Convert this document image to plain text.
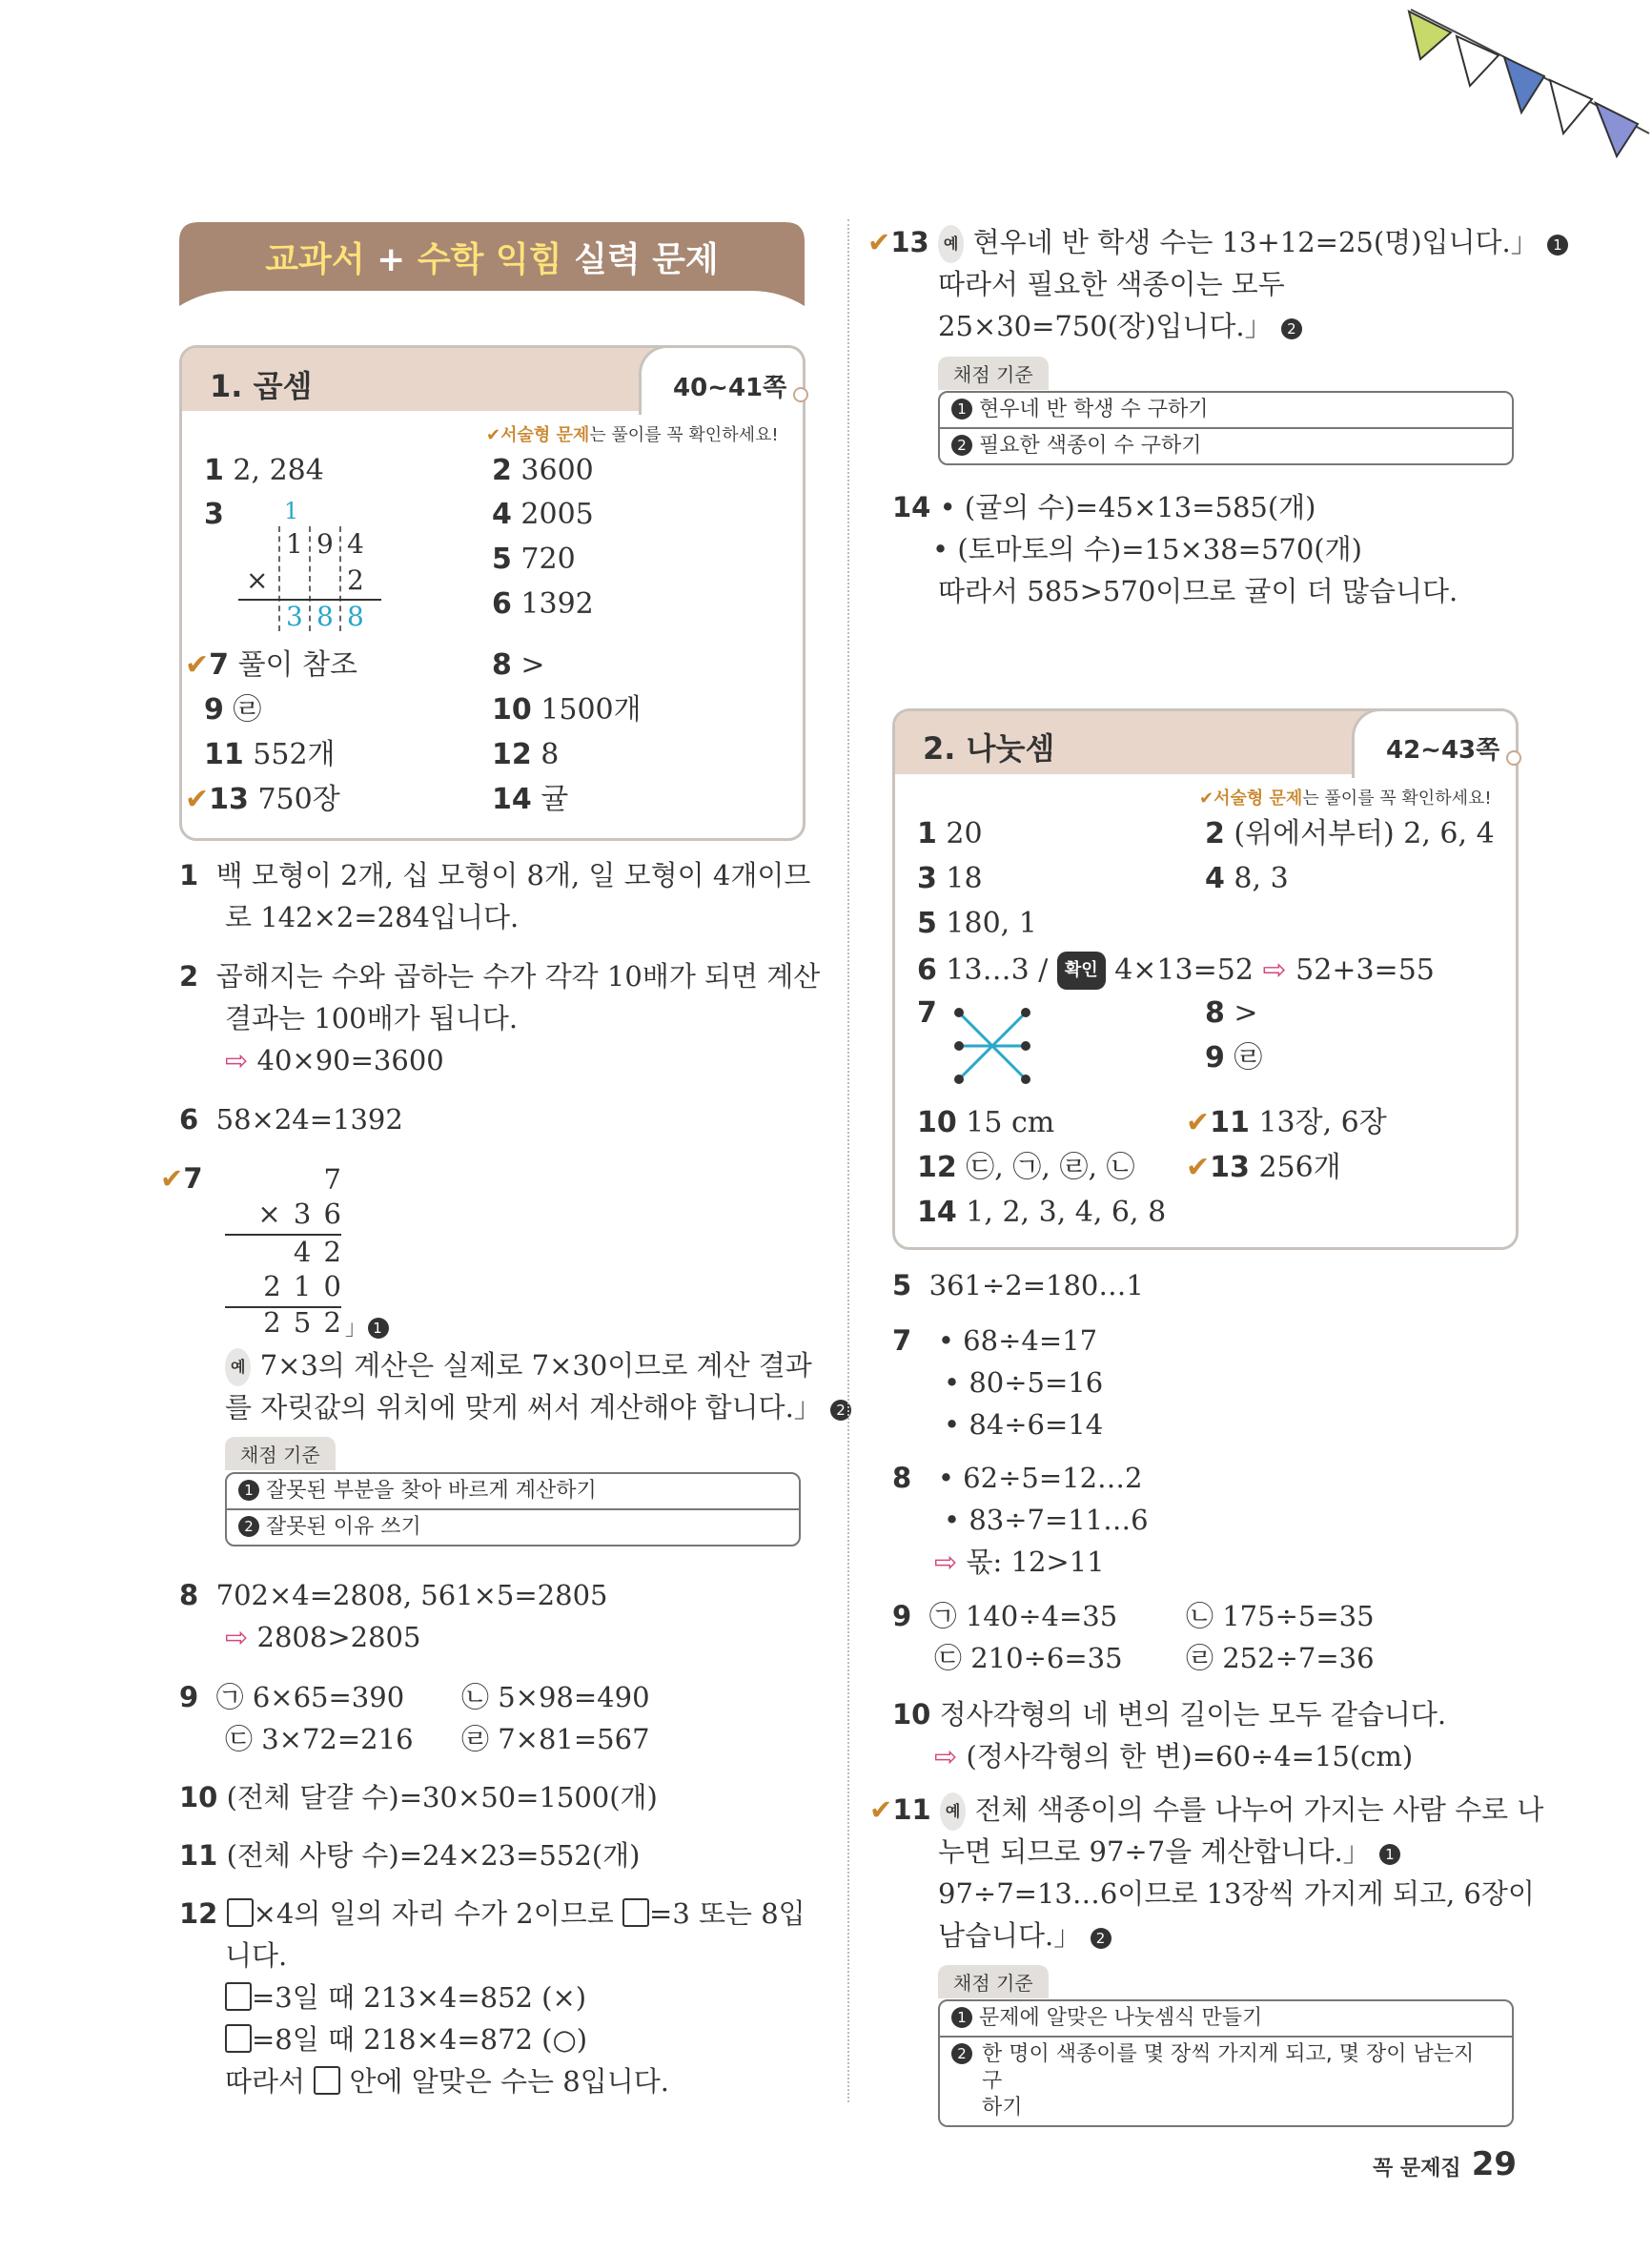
교과서 + 수학 익힘 실력 문제
1. 곱셈	40~41쪽
✔서술형 문제는 풀이를 꼭 확인하세요!
1 2, 284	2 3600
3	1
1 9 4
×	2
3 8 8
4 2005
5 720
6 1392
✔7 풀이 참조	8 >
9 ㉣	10 1500개
11 552개	12 8
✔13 750장	14 귤
1 백 모형이 2개, 십 모형이 8개, 일 모형이 4개이므
로 142×2=284입니다.
2 곱해지는 수와 곱하는 수가 각각 10배가 되면 계산
결과는 100배가 됩니다.
⇨ 40×90=3600
6 58×24=1392
✔7	7
× 3 6
4 2
2 1 0
2 5 2 」 1
예 7×3의 계산은 실제로 7×30이므로 계산 결과
를 자릿값의 위치에 맞게 써서 계산해야 합니다.」 2
채점 기준
1 잘못된 부분을 찾아 바르게 계산하기
2 잘못된 이유 쓰기
8 702×4=2808, 561×5=2805
⇨ 2808>2805
9 ㉠ 6×65=390 ㉡ 5×98=490
㉢ 3×72=216 ㉣ 7×81=567
10 (전체 달걀 수)=30×50=1500(개)
11 (전체 사탕 수)=24×23=552(개)
12 ×4의 일의 자리 수가 2이므로 =3 또는 8입
니다.
=3일 때 213×4=852 (×)
=8일 때 218×4=872 (○)
따라서 안에 알맞은 수는 8입니다.
✔13 예 현우네 반 학생 수는 13+12=25(명)입니다.」 1
따라서 필요한 색종이는 모두
25×30=750(장)입니다.」 2
채점 기준
1 현우네 반 학생 수 구하기
2 필요한 색종이 수 구하기
14 • (귤의 수)=45×13=585(개)
• (토마토의 수)=15×38=570(개)
따라서 585>570이므로 귤이 더 많습니다.
2. 나눗셈	42~43쪽
✔서술형 문제는 풀이를 꼭 확인하세요!
1 20	2 (위에서부터) 2, 6, 4
3 18	4 8, 3
5 180, 1
6 13…3 / 확인 4×13=52 ⇨ 52+3=55
7	8 >
9 ㉣
10 15 cm	✔11 13장, 6장
12 ㉢, ㉠, ㉣, ㉡ ✔13 256개
14 1, 2, 3, 4, 6, 8
5 361÷2=180…1
7 • 68÷4=17
• 80÷5=16
• 84÷6=14
8 • 62÷5=12…2
• 83÷7=11…6
⇨ 몫: 12>11
9 ㉠ 140÷4=35 ㉡ 175÷5=35
㉢ 210÷6=35 ㉣ 252÷7=36
10 정사각형의 네 변의 길이는 모두 같습니다.
⇨ (정사각형의 한 변)=60÷4=15(cm)
✔11 예 전체 색종이의 수를 나누어 가지는 사람 수로 나
누면 되므로 97÷7을 계산합니다.」 1
97÷7=13…6이므로 13장씩 가지게 되고, 6장이
남습니다.」 2
채점 기준
1 문제에 알맞은 나눗셈식 만들기
2 한 명이 색종이를 몇 장씩 가지게 되고, 몇 장이 남는지 구
하기
꼭 문제집 29
